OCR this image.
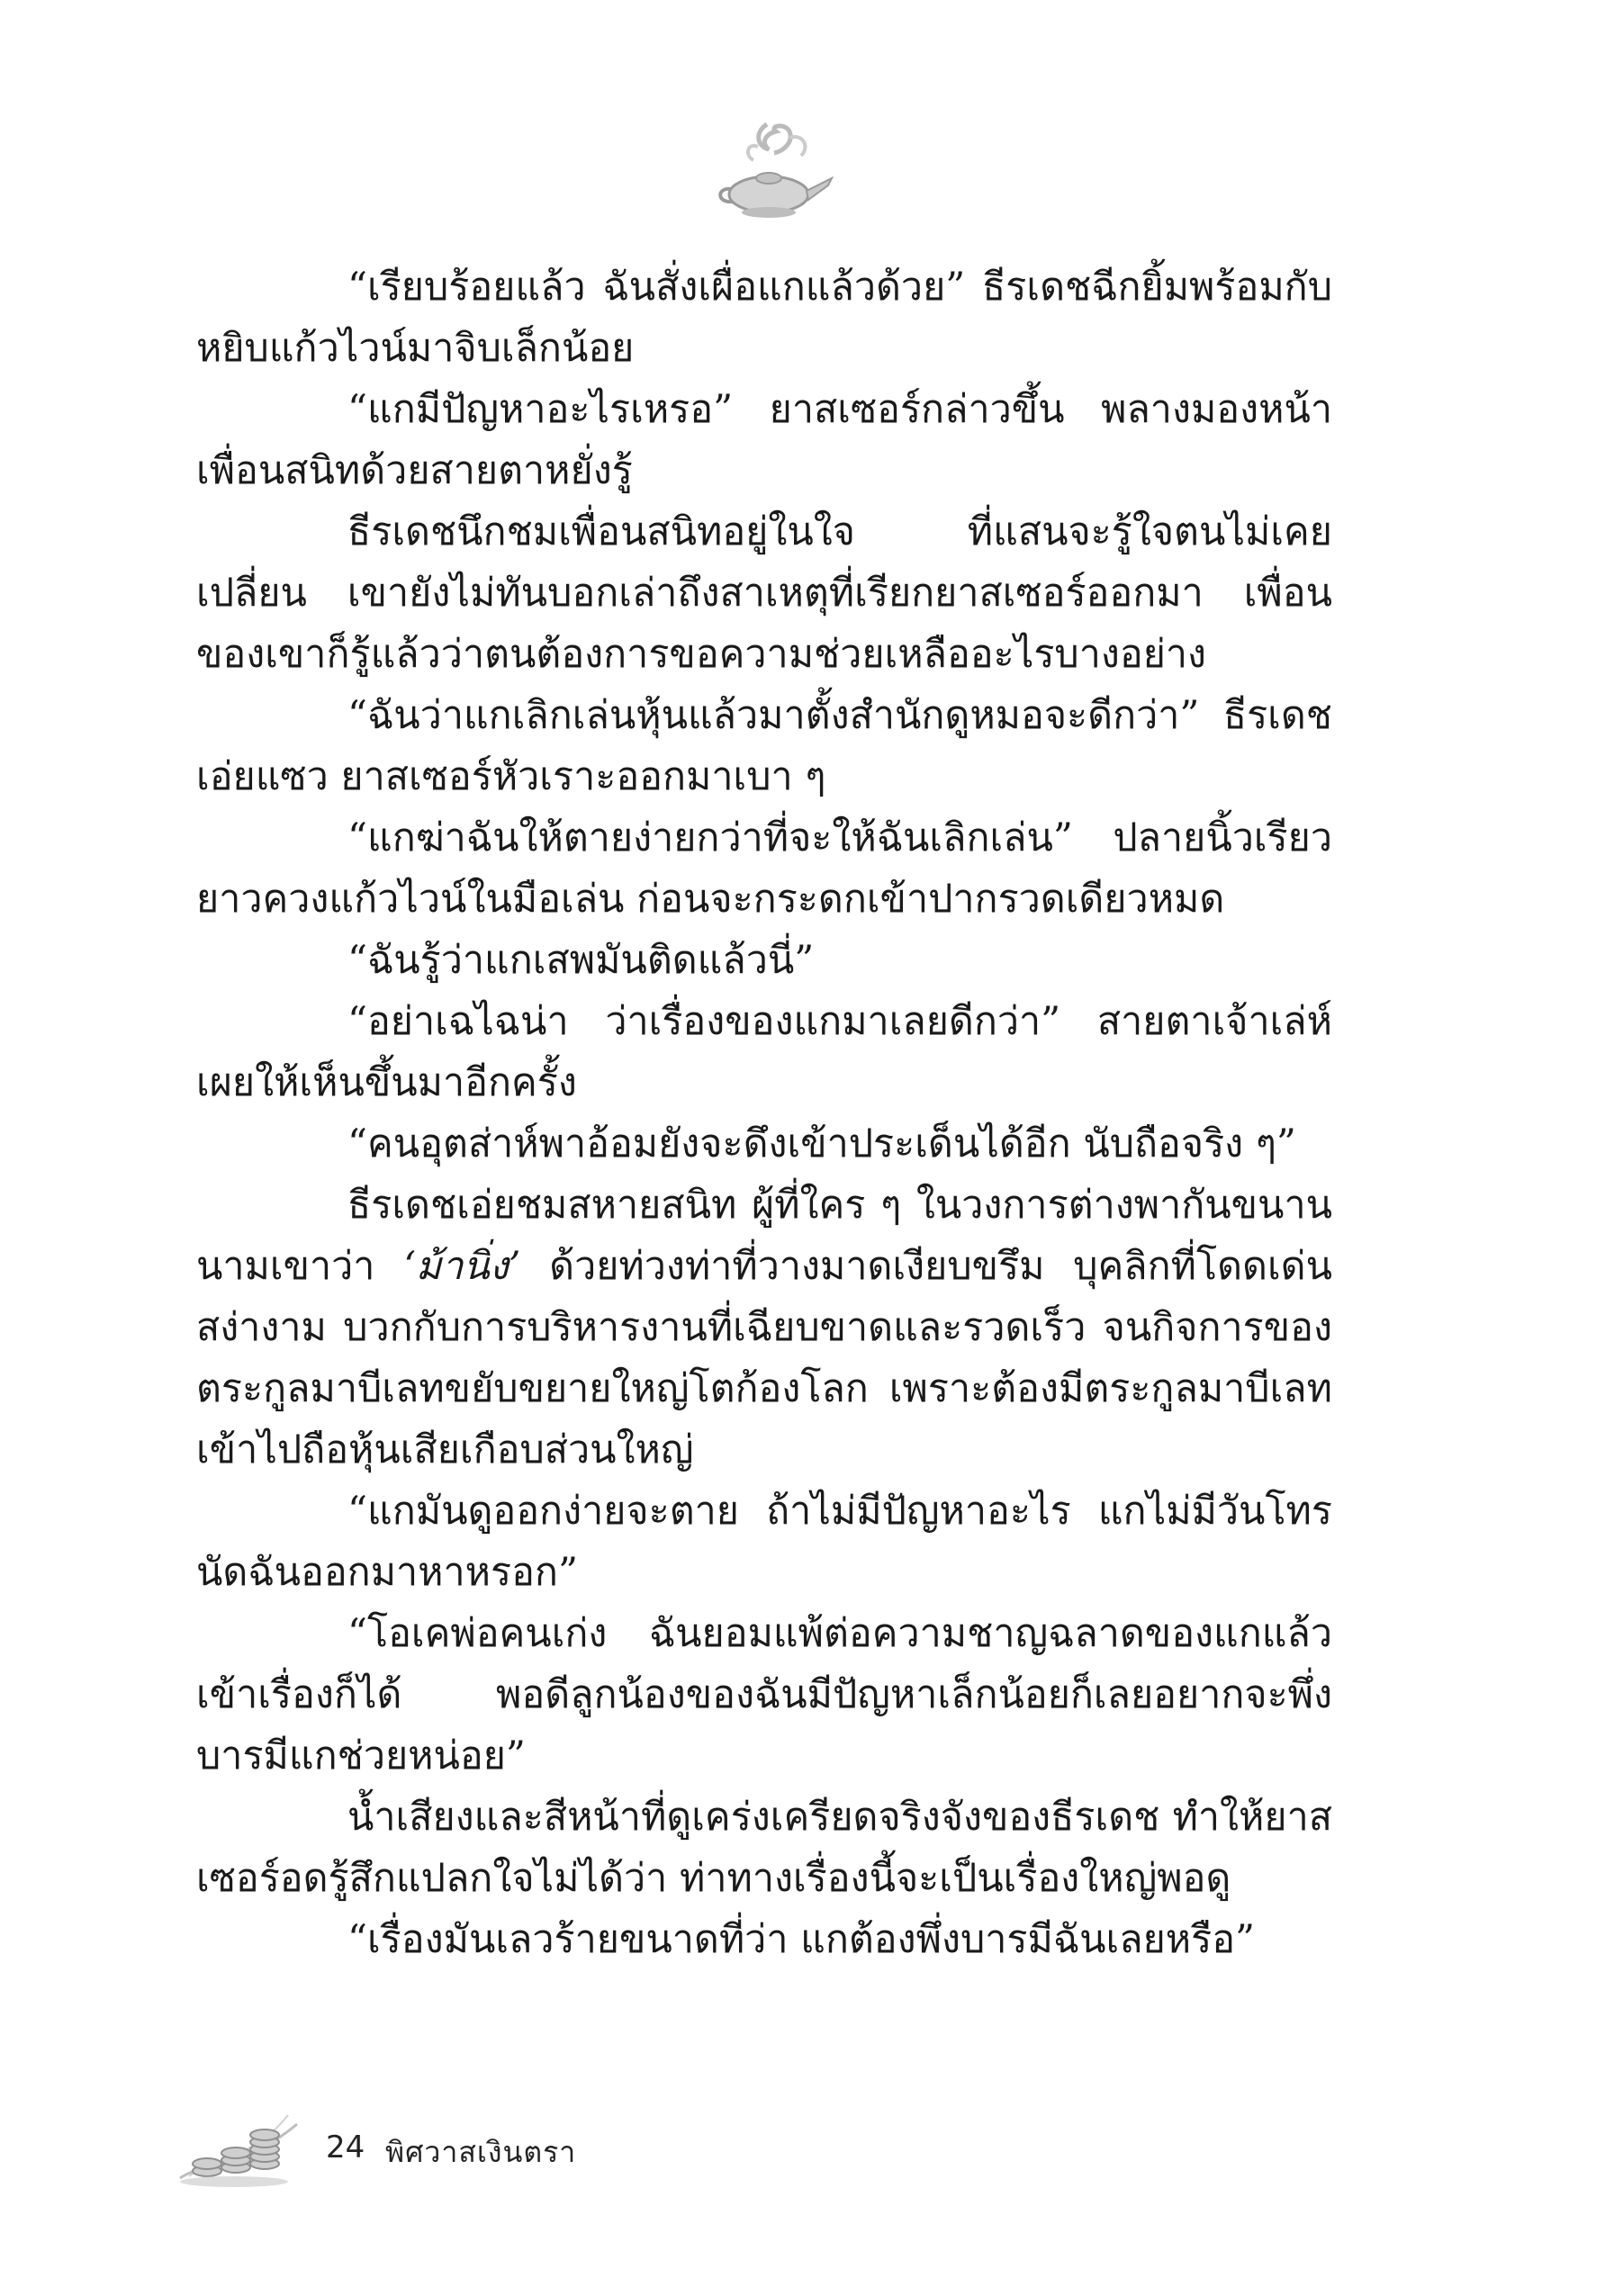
“เรียบร้อยแล้ว ฉันสั่งเผื่อแกแล้วด้วย” ธีรเดชฉีกยิ้มพร้อมกับหยิบแก้วไวน์มาจิบเล็กน้อย

“แกมีปัญหาอะไรเหรอ” ยาสเซอร์กล่าวขึ้น พลางมองหน้าเพื่อนสนิทด้วยสายตาหยั่งรู้

ธีรเดชนึกชมเพื่อนสนิทอยู่ในใจ ที่แสนจะรู้ใจตนไม่เคยเปลี่ยน เขายังไม่ทันบอกเล่าถึงสาเหตุที่เรียกยาสเซอร์ออกมา เพื่อนของเขาก็รู้แล้วว่าตนต้องการขอความช่วยเหลืออะไรบางอย่าง

“ฉันว่าแกเลิกเล่นหุ้นแล้วมาตั้งสำนักดูหมอจะดีกว่า” ธีรเดชเอ่ยแซว ยาสเซอร์หัวเราะออกมาเบา ๆ

“แกฆ่าฉันให้ตายง่ายกว่าที่จะให้ฉันเลิกเล่น” ปลายนิ้วเรียวยาวควงแก้วไวน์ในมือเล่น ก่อนจะกระดกเข้าปากรวดเดียวหมด

“ฉันรู้ว่าแกเสพมันติดแล้วนี่”

“อย่าเฉไฉน่า ว่าเรื่องของแกมาเลยดีกว่า” สายตาเจ้าเล่ห์เผยให้เห็นขึ้นมาอีกครั้ง

“คนอุตส่าห์พาอ้อมยังจะดึงเข้าประเด็นได้อีก นับถือจริง ๆ”

ธีรเดชเอ่ยชมสหายสนิท ผู้ที่ใคร ๆ ในวงการต่างพากันขนานนามเขาว่า ‘ม้านิ่ง’ ด้วยท่วงท่าที่วางมาดเงียบขรึม บุคลิกที่โดดเด่นสง่างาม บวกกับการบริหารงานที่เฉียบขาดและรวดเร็ว จนกิจการของตระกูลมาบีเลทขยับขยายใหญ่โตก้องโลก เพราะต้องมีตระกูลมาบีเลทเข้าไปถือหุ้นเสียเกือบส่วนใหญ่

“แกมันดูออกง่ายจะตาย ถ้าไม่มีปัญหาอะไร แกไม่มีวันโทรนัดฉันออกมาหาหรอก”

“โอเคพ่อคนเก่ง ฉันยอมแพ้ต่อความชาญฉลาดของแกแล้ว เข้าเรื่องก็ได้ พอดีลูกน้องของฉันมีปัญหาเล็กน้อยก็เลยอยากจะพึ่งบารมีแกช่วยหน่อย”

น้ำเสียงและสีหน้าที่ดูเคร่งเครียดจริงจังของธีรเดช ทำให้ยาสเซอร์อดรู้สึกแปลกใจไม่ได้ว่า ท่าทางเรื่องนี้จะเป็นเรื่องใหญ่พอดู

“เรื่องมันเลวร้ายขนาดที่ว่า แกต้องพึ่งบารมีฉันเลยหรือ”

24 พิศวาสเงินตรา
